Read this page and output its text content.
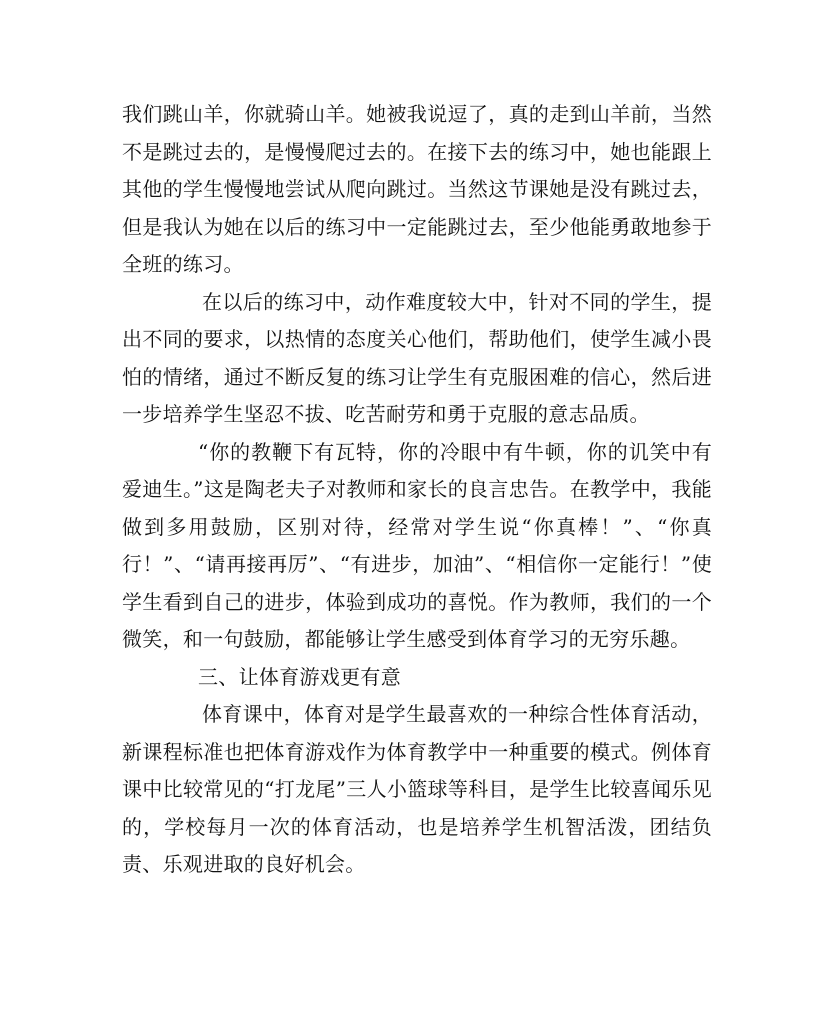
我们跳山羊，你就骑山羊。她被我说逗了，真的走到山羊前，当然不是跳过去的，是慢慢爬过去的。在接下去的练习中，她也能跟上其他的学生慢慢地尝试从爬向跳过。当然这节课她是没有跳过去，但是我认为她在以后的练习中一定能跳过去，至少他能勇敢地参于全班的练习。

在以后的练习中，动作难度较大中，针对不同的学生，提出不同的要求，以热情的态度关心他们，帮助他们，使学生减小畏怕的情绪，通过不断反复的练习让学生有克服困难的信心，然后进一步培养学生坚忍不拔、吃苦耐劳和勇于克服的意志品质。

“你的教鞭下有瓦特，你的冷眼中有牛顿，你的讥笑中有爱迪生。”这是陶老夫子对教师和家长的良言忠告。在教学中，我能做到多用鼓励，区别对待，经常对学生说“你真棒！”、“你真行！”、“请再接再厉”、“有进步，加油”、“相信你一定能行！”使学生看到自己的进步，体验到成功的喜悦。作为教师，我们的一个微笑，和一句鼓励，都能够让学生感受到体育学习的无穷乐趣。

三、让体育游戏更有意

体育课中，体育对是学生最喜欢的一种综合性体育活动，新课程标准也把体育游戏作为体育教学中一种重要的模式。例体育课中比较常见的“打龙尾”三人小篮球等科目，是学生比较喜闻乐见的，学校每月一次的体育活动，也是培养学生机智活泼，团结负责、乐观进取的良好机会。
